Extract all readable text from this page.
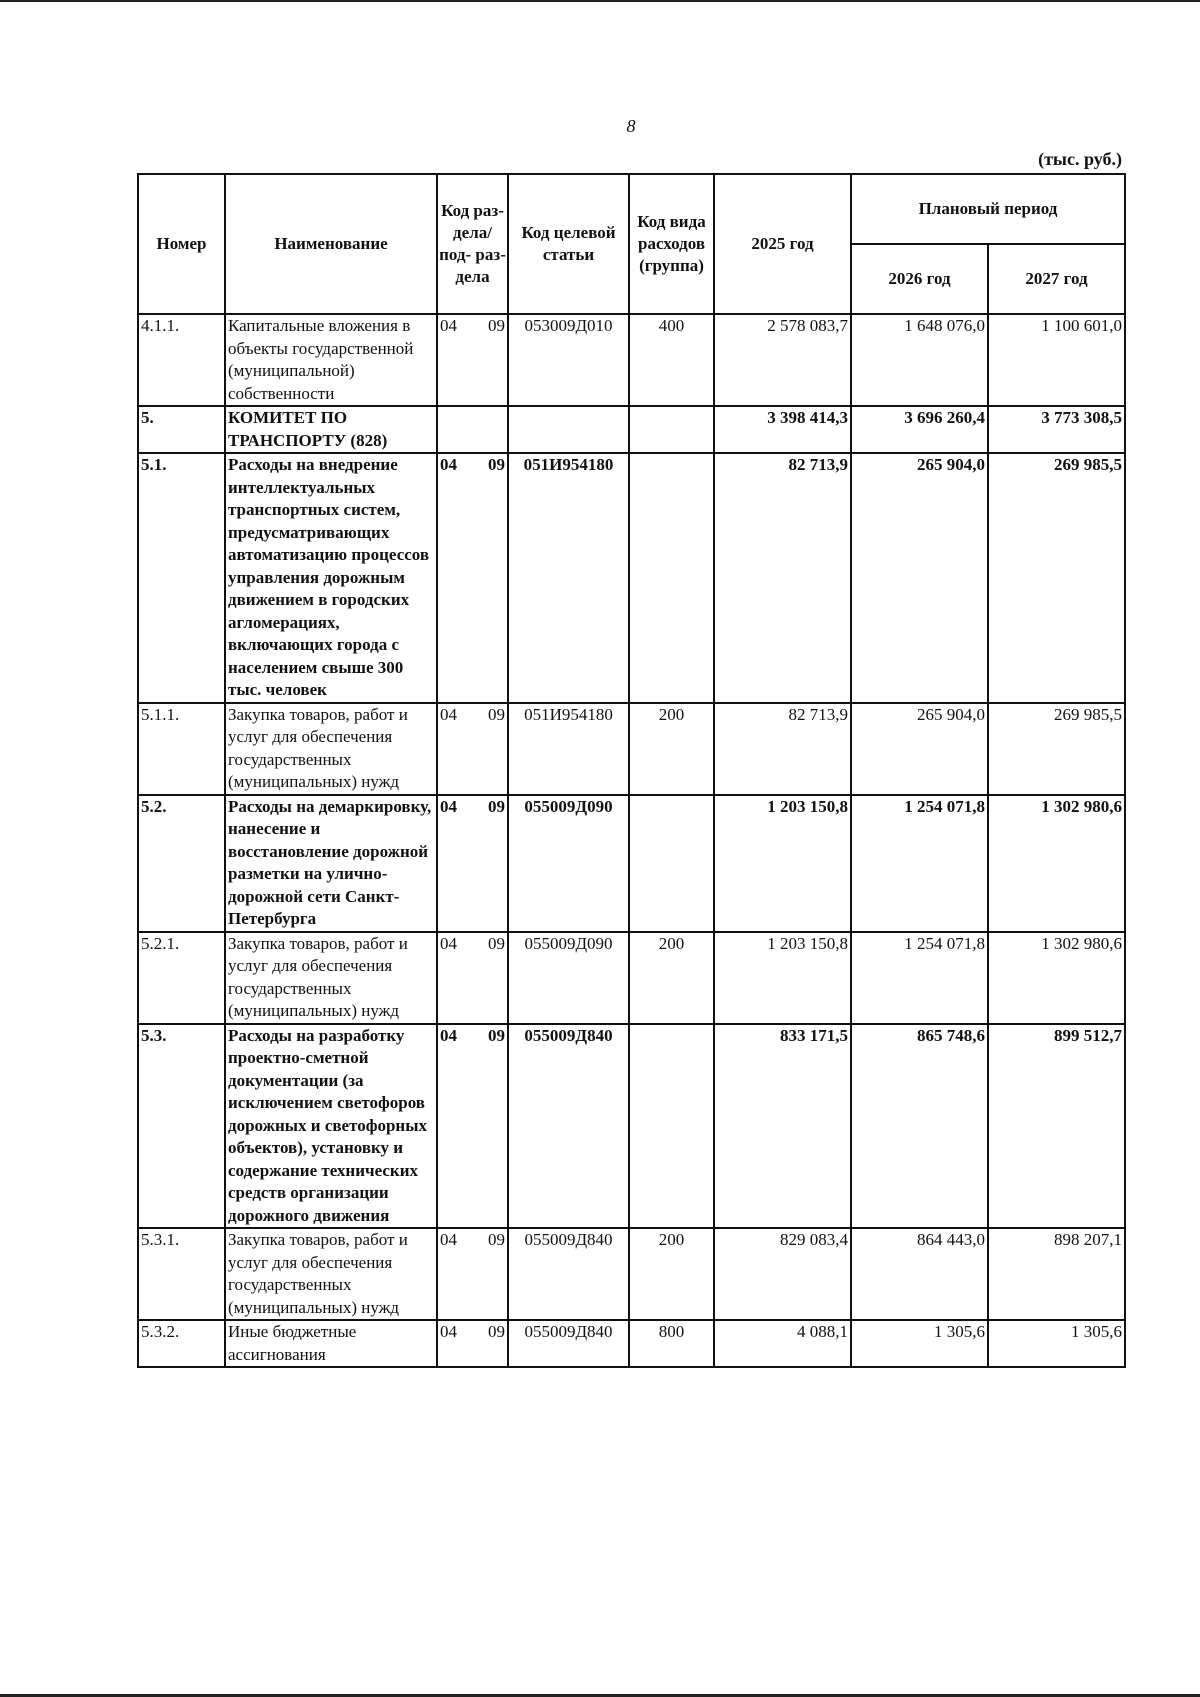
8
(тыс. руб.)
Номер	Наименование	Код раз- дела/ под- раз- дела	Код целевой статьи	Код вида расходов (группа)	2025 год	Плановый период	
						2026 год	2027 год
4.1.1.	Капитальные вложения в объекты государственной (муниципальной) собственности	04 09	053009Д010	400	2 578 083,7	1 648 076,0	1 100 601,0
5.	КОМИТЕТ ПО ТРАНСПОРТУ (828)				3 398 414,3	3 696 260,4	3 773 308,5
5.1.	Расходы на внедрение интеллектуальных транспортных систем, предусматривающих автоматизацию процессов управления дорожным движением в городских агломерациях, включающих города с населением свыше 300 тыс. человек	04 09	051И954180		82 713,9	265 904,0	269 985,5
5.1.1.	Закупка товаров, работ и услуг для обеспечения государственных (муниципальных) нужд	04 09	051И954180	200	82 713,9	265 904,0	269 985,5
5.2.	Расходы на демаркировку, нанесение и восстановление дорожной разметки на улично-дорожной сети Санкт-Петербурга	04 09	055009Д090		1 203 150,8	1 254 071,8	1 302 980,6
5.2.1.	Закупка товаров, работ и услуг для обеспечения государственных (муниципальных) нужд	04 09	055009Д090	200	1 203 150,8	1 254 071,8	1 302 980,6
5.3.	Расходы на разработку проектно-сметной документации (за исключением светофоров дорожных и светофорных объектов), установку и содержание технических средств организации дорожного движения	04 09	055009Д840		833 171,5	865 748,6	899 512,7
5.3.1.	Закупка товаров, работ и услуг для обеспечения государственных (муниципальных) нужд	04 09	055009Д840	200	829 083,4	864 443,0	898 207,1
5.3.2.	Иные бюджетные ассигнования	04 09	055009Д840	800	4 088,1	1 305,6	1 305,6
